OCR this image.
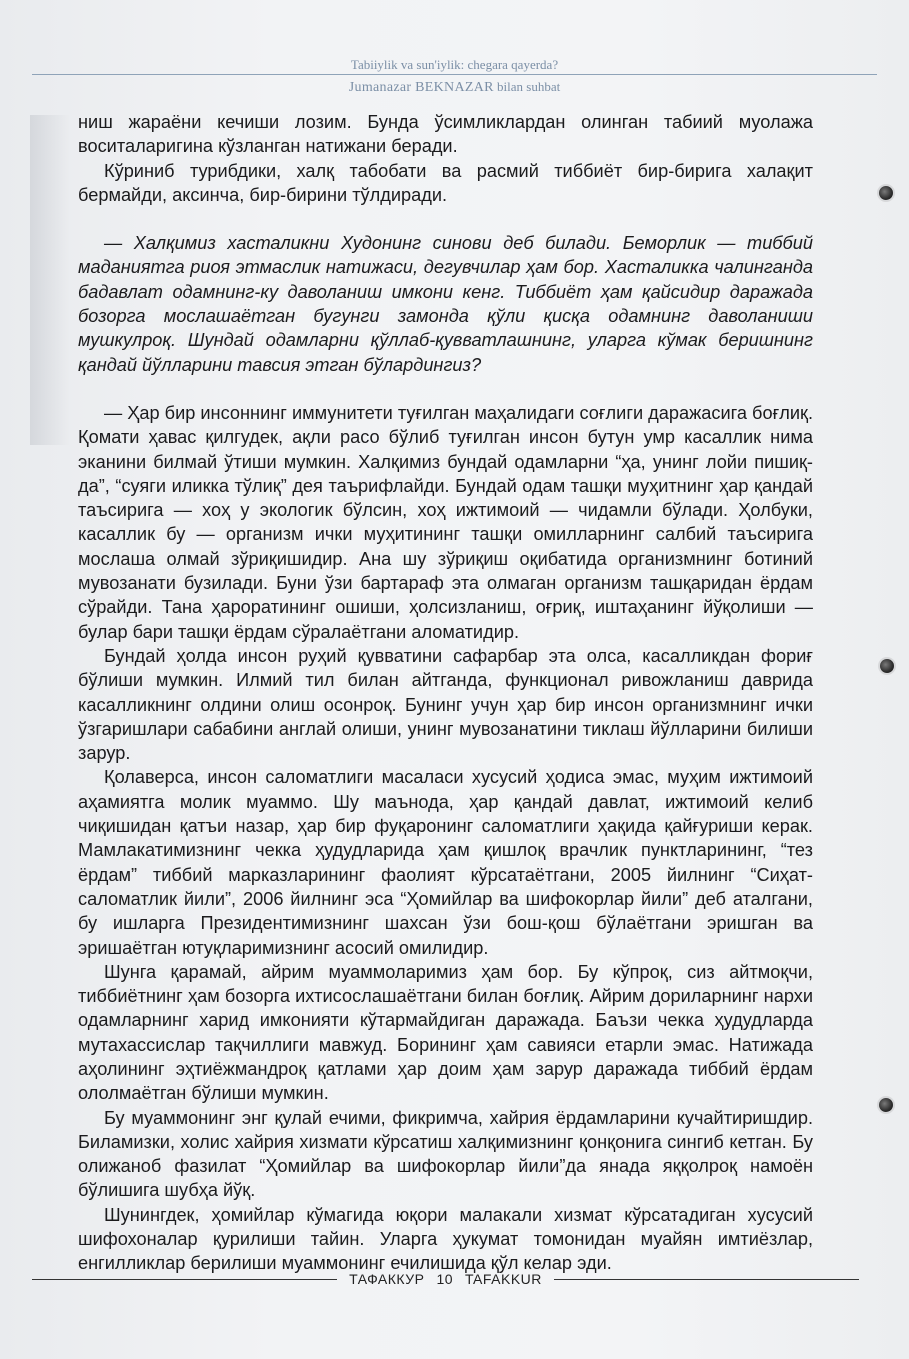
Tabiiylik va sun'iylik: chegara qayerda?
Jumanazar BEKNAZAR bilan suhbat

ниш жараёни кечиши лозим. Бунда ўсимликлардан олинган табиий муолажа воситаларигина кўзланган натижани беради.

Кўриниб турибдики, халқ табобати ва расмий тиббиёт бир-бирига халақит бермайди, аксинча, бир-бирини тўлдиради.

— Халқимиз хасталикни Худонинг синови деб билади. Беморлик — тиббий маданиятга риоя этмаслик натижаси, дегувчилар ҳам бор. Хасталикка чалинганда бадавлат одамнинг-ку даволаниш имкони кенг. Тиббиёт ҳам қайсидир даражада бозорга мослашаётган бугунги замонда қўли қисқа одамнинг даволаниши мушкулроқ. Шундай одамларни қўллаб-қувватлашнинг, уларга кўмак беришнинг қандай йўлларини тавсия этган бўлардингиз?

— Ҳар бир инсоннинг иммунитети туғилган маҳалидаги соғлиги даражасига боғлиқ. Қомати ҳавас қилгудек, ақли расо бўлиб туғилган инсон бутун умр касаллик нима эканини билмай ўтиши мумкин. Халқимиз бундай одамларни “ҳа, унинг лойи пишиқ-да”, “суяги иликка тўлиқ” дея таърифлайди. Бундай одам ташқи муҳитнинг ҳар қандай таъсирига — хоҳ у экологик бўлсин, хоҳ ижтимоий — чидамли бўлади. Ҳолбуки, касаллик бу — организм ички муҳитининг ташқи омилларнинг салбий таъсирига мослаша олмай зўриқишидир. Ана шу зўриқиш оқибатида организмнинг ботиний мувозанати бузилади. Буни ўзи бартараф эта олмаган организм ташқаридан ёрдам сўрайди. Тана ҳароратининг ошиши, ҳолсизланиш, оғриқ, иштаҳанинг йўқолиши — булар бари ташқи ёрдам сўралаётгани аломатидир.

Бундай ҳолда инсон руҳий қувватини сафарбар эта олса, касалликдан фориғ бўлиши мумкин. Илмий тил билан айтганда, функционал ривожланиш даврида касалликнинг олдини олиш осонроқ. Бунинг учун ҳар бир инсон организмнинг ички ўзгаришлари сабабини англай олиши, унинг мувозанатини тиклаш йўлларини билиши зарур.

Қолаверса, инсон саломатлиги масаласи хусусий ҳодиса эмас, муҳим ижтимоий аҳамиятга молик муаммо. Шу маънода, ҳар қандай давлат, ижтимоий келиб чиқишидан қатъи назар, ҳар бир фуқаронинг саломатлиги ҳақида қайғуриши керак. Мамлакатимизнинг чекка ҳудудларида ҳам қишлоқ врачлик пунктларининг, “тез ёрдам” тиббий марказларининг фаолият кўрсатаётгани, 2005 йилнинг “Сиҳат-саломатлик йили”, 2006 йилнинг эса “Ҳомийлар ва шифокорлар йили” деб аталгани, бу ишларга Президентимизнинг шахсан ўзи бош-қош бўлаётгани эришган ва эришаётган ютуқларимизнинг асосий омилидир.

Шунга қарамай, айрим муаммоларимиз ҳам бор. Бу кўпроқ, сиз айтмоқчи, тиббиётнинг ҳам бозорга ихтисослашаётгани билан боғлиқ. Айрим дориларнинг нархи одамларнинг харид имконияти кўтармайдиган даражада. Баъзи чекка ҳудудларда мутахассислар тақчиллиги мавжуд. Борининг ҳам савияси етарли эмас. Натижада аҳолининг эҳтиёжмандроқ қатлами ҳар доим ҳам зарур даражада тиббий ёрдам ололмаётган бўлиши мумкин.

Бу муаммонинг энг қулай ечими, фикримча, хайрия ёрдамларини кучайтиришдир. Биламизки, холис хайрия хизмати кўрсатиш халқимизнинг қонқонига сингиб кетган. Бу олижаноб фазилат “Ҳомийлар ва шифокорлар йили”да янада яққолроқ намоён бўлишига шубҳа йўқ.

Шунингдек, ҳомийлар кўмагида юқори малакали хизмат кўрсатадиган хусусий шифохоналар қурилиши тайин. Уларга ҳукумат томонидан муайян имтиёзлар, енгилликлар берилиши муаммонинг ечилишида қўл келар эди.

ТАФАККУР 10 TAFAKKUR
